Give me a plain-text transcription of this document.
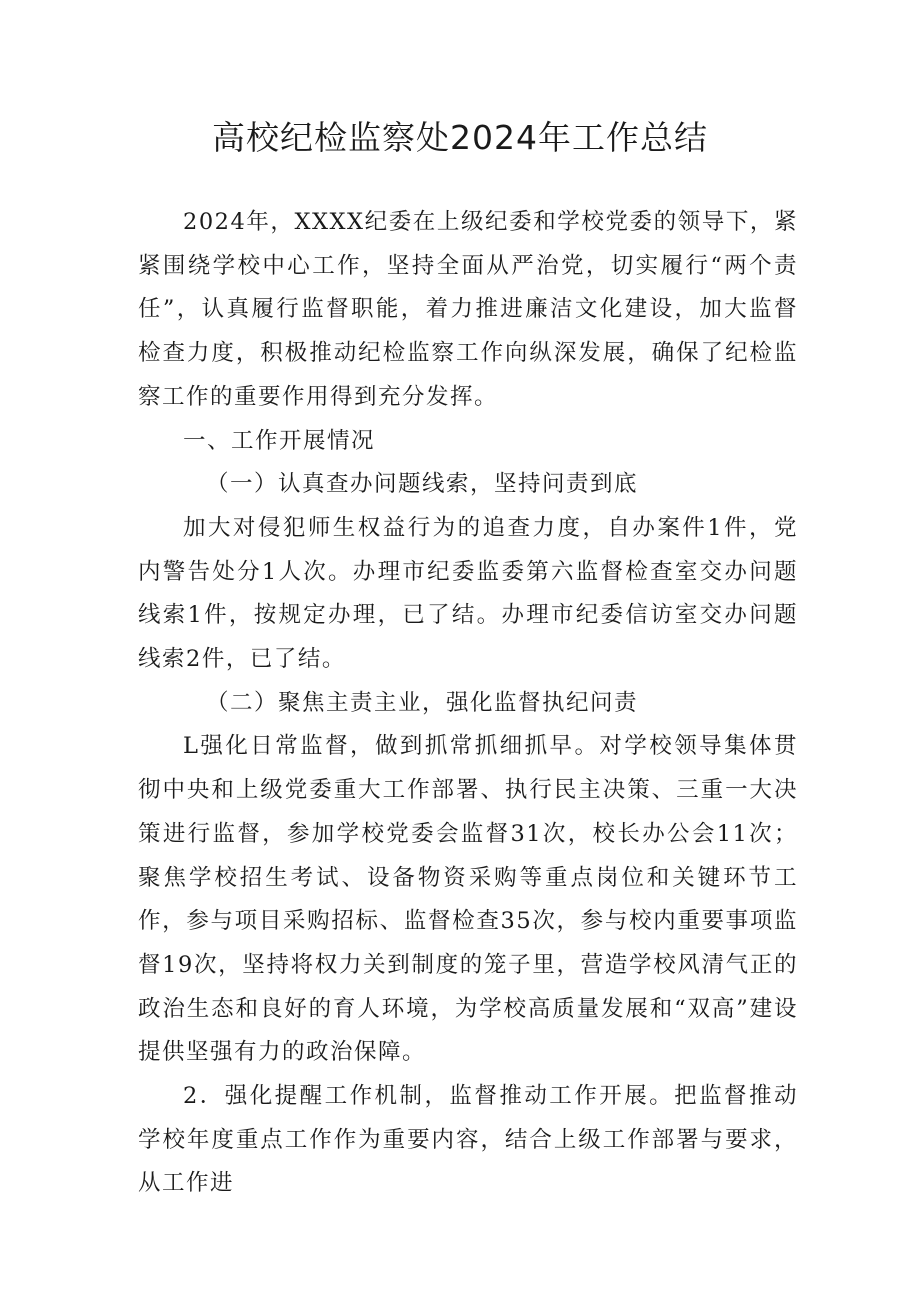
高校纪检监察处2024年工作总结

2024年，XXXX纪委在上级纪委和学校党委的领导下，紧紧围绕学校中心工作，坚持全面从严治党，切实履行“两个责任”，认真履行监督职能，着力推进廉洁文化建设，加大监督检查力度，积极推动纪检监察工作向纵深发展，确保了纪检监察工作的重要作用得到充分发挥。

一、工作开展情况

（一）认真查办问题线索，坚持问责到底

加大对侵犯师生权益行为的追查力度，自办案件1件，党内警告处分1人次。办理市纪委监委第六监督检查室交办问题线索1件，按规定办理，已了结。办理市纪委信访室交办问题线索2件，已了结。

（二）聚焦主责主业，强化监督执纪问责

L强化日常监督，做到抓常抓细抓早。对学校领导集体贯彻中央和上级党委重大工作部署、执行民主决策、三重一大决策进行监督，参加学校党委会监督31次，校长办公会11次；聚焦学校招生考试、设备物资采购等重点岗位和关键环节工作，参与项目采购招标、监督检查35次，参与校内重要事项监督19次，坚持将权力关到制度的笼子里，营造学校风清气正的政治生态和良好的育人环境，为学校高质量发展和“双高”建设提供坚强有力的政治保障。

2．强化提醒工作机制，监督推动工作开展。把监督推动学校年度重点工作作为重要内容，结合上级工作部署与要求，从工作进
